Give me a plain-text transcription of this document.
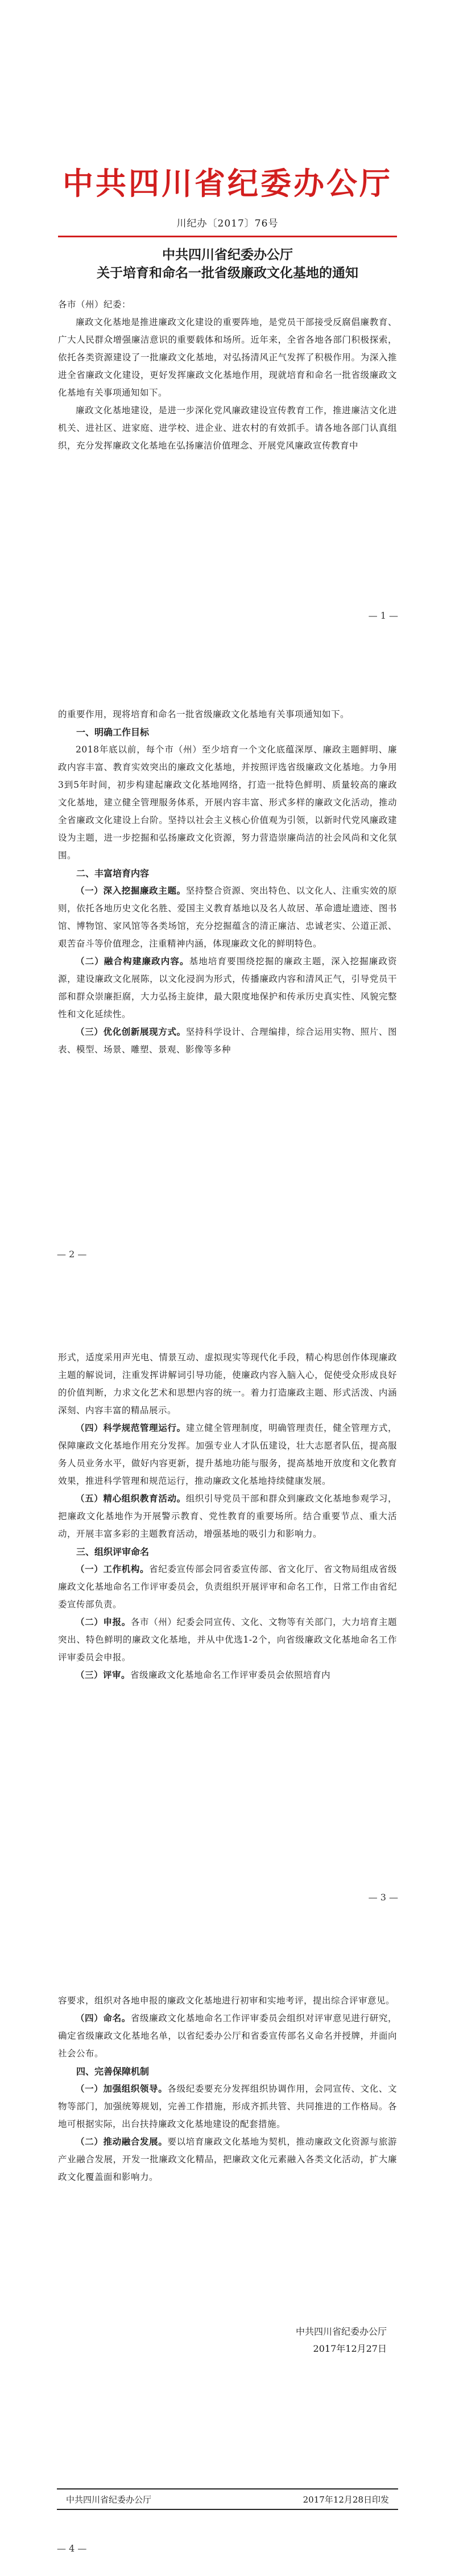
中共四川省纪委办公厅
川纪办〔2017〕76号
中共四川省纪委办公厅
关于培育和命名一批省级廉政文化基地的通知

各市（州）纪委：

廉政文化基地是推进廉政文化建设的重要阵地，是党员干部接受反腐倡廉教育、广大人民群众增强廉洁意识的重要载体和场所。近年来，全省各地各部门积极探索，依托各类资源建设了一批廉政文化基地，对弘扬清风正气发挥了积极作用。为深入推进全省廉政文化建设，更好发挥廉政文化基地作用，现就培育和命名一批省级廉政文化基地有关事项通知如下。

廉政文化基地建设，是进一步深化党风廉政建设宣传教育工作，推进廉洁文化进机关、进社区、进家庭、进学校、进企业、进农村的有效抓手。请各地各部门认真组织，充分发挥廉政文化基地在弘扬廉洁价值理念、开展党风廉政宣传教育中

— 1 —

的重要作用，现将培育和命名一批省级廉政文化基地有关事项通知如下。

一、明确工作目标

2018年底以前，每个市（州）至少培育一个文化底蕴深厚、廉政主题鲜明、廉政内容丰富、教育实效突出的廉政文化基地，并按照评选省级廉政文化基地。力争用3到5年时间，初步构建起廉政文化基地网络，打造一批特色鲜明、质量较高的廉政文化基地，建立健全管理服务体系，开展内容丰富、形式多样的廉政文化活动，推动全省廉政文化建设上台阶。坚持以社会主义核心价值观为引领，以新时代党风廉政建设为主题，进一步挖掘和弘扬廉政文化资源，努力营造崇廉尚洁的社会风尚和文化氛围。

二、丰富培育内容

（一）深入挖掘廉政主题。坚持整合资源、突出特色、以文化人、注重实效的原则，依托各地历史文化名胜、爱国主义教育基地以及名人故居、革命遗址遗迹、图书馆、博物馆、家风馆等各类场馆，充分挖掘蕴含的清正廉洁、忠诚老实、公道正派、艰苦奋斗等价值理念，注重精神内涵，体现廉政文化的鲜明特色。

（二）融合构建廉政内容。基地培育要围绕挖掘的廉政主题，深入挖掘廉政资源，建设廉政文化展陈，以文化浸润为形式，传播廉政内容和清风正气，引导党员干部和群众崇廉拒腐，大力弘扬主旋律，最大限度地保护和传承历史真实性、风貌完整性和文化延续性。

（三）优化创新展现方式。坚持科学设计、合理编排，综合运用实物、照片、图表、模型、场景、雕塑、景观、影像等多种

— 2 —

形式，适度采用声光电、情景互动、虚拟现实等现代化手段，精心构思创作体现廉政主题的解说词，注重发挥讲解词引导功能，使廉政内容入脑入心，促使受众形成良好的价值判断，力求文化艺术和思想内容的统一。着力打造廉政主题、形式活泼、内涵深刻、内容丰富的精品展示。

（四）科学规范管理运行。建立健全管理制度，明确管理责任，健全管理方式，保障廉政文化基地作用充分发挥。加强专业人才队伍建设，壮大志愿者队伍，提高服务人员业务水平，做好内容更新，提升基地功能与服务，提高基地开放度和文化教育效果，推进科学管理和规范运行，推动廉政文化基地持续健康发展。

（五）精心组织教育活动。组织引导党员干部和群众到廉政文化基地参观学习，把廉政文化基地作为开展警示教育、党性教育的重要场所。结合重要节点、重大活动，开展丰富多彩的主题教育活动，增强基地的吸引力和影响力。

三、组织评审命名

（一）工作机构。省纪委宣传部会同省委宣传部、省文化厅、省文物局组成省级廉政文化基地命名工作评审委员会，负责组织开展评审和命名工作，日常工作由省纪委宣传部负责。

（二）申报。各市（州）纪委会同宣传、文化、文物等有关部门，大力培育主题突出、特色鲜明的廉政文化基地，并从中优选1-2个，向省级廉政文化基地命名工作评审委员会申报。

（三）评审。省级廉政文化基地命名工作评审委员会依照培育内

— 3 —

容要求，组织对各地申报的廉政文化基地进行初审和实地考评，提出综合评审意见。

（四）命名。省级廉政文化基地命名工作评审委员会组织对评审意见进行研究，确定省级廉政文化基地名单，以省纪委办公厅和省委宣传部名义命名并授牌，并面向社会公布。

四、完善保障机制

（一）加强组织领导。各级纪委要充分发挥组织协调作用，会同宣传、文化、文物等部门，加强统筹规划，完善工作措施，形成齐抓共管、共同推进的工作格局。各地可根据实际，出台扶持廉政文化基地建设的配套措施。

（二）推动融合发展。要以培育廉政文化基地为契机，推动廉政文化资源与旅游产业融合发展，开发一批廉政文化精品，把廉政文化元素融入各类文化活动，扩大廉政文化覆盖面和影响力。

中共四川省纪委办公厅
2017年12月27日
中共四川省纪委办公厅	2017年12月28日印发
— 4 —
